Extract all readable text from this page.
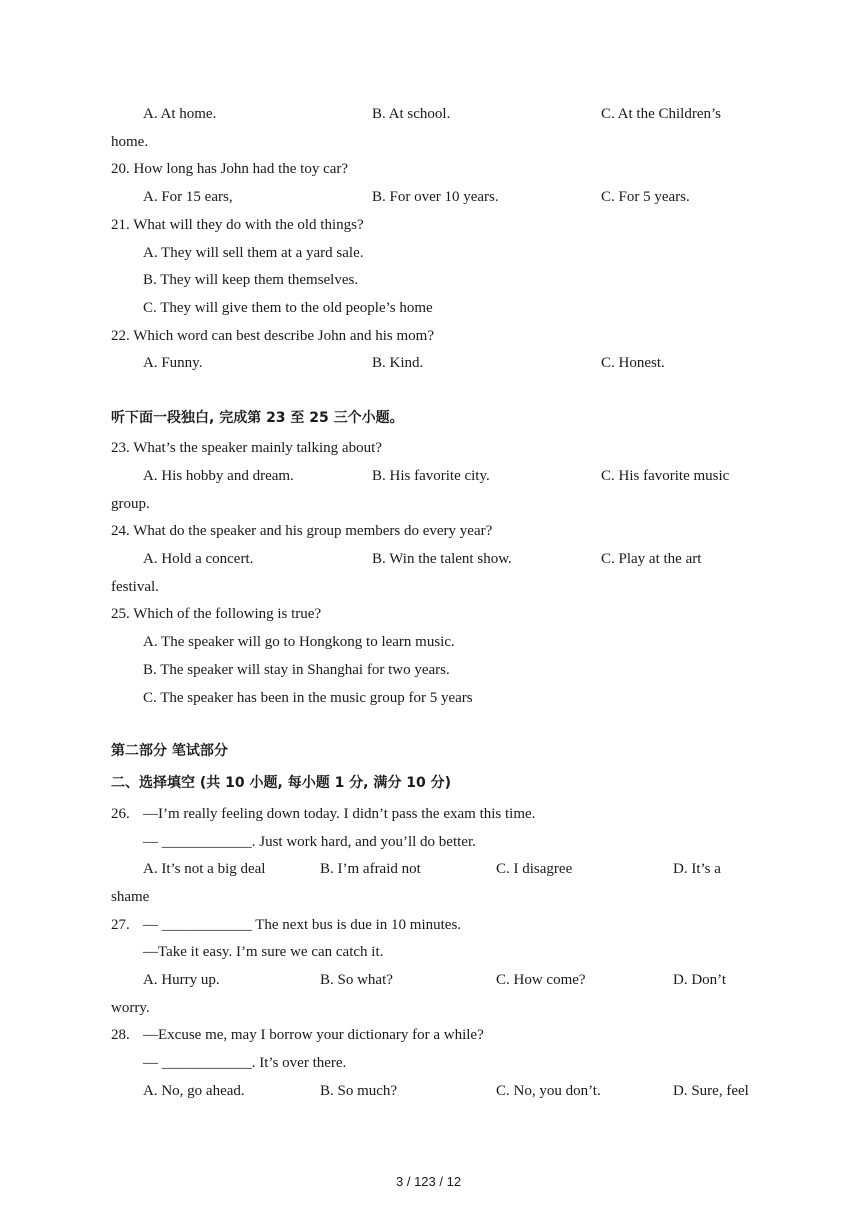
A. At home.	B. At school.	C. At the Children’s
home.
20. How long has John had the toy car?
A. For 15 ears,	B. For over 10 years.	C. For 5 years.
21. What will they do with the old things?
A. They will sell them at a yard sale.
B. They will keep them themselves.
C. They will give them to the old people’s home
22. Which word can best describe John and his mom?
A. Funny.	B. Kind.	C. Honest.
听下面一段独白, 完成第 23 至 25 三个小题。
23. What’s the speaker mainly talking about?
A. His hobby and dream.	B. His favorite city.	C. His favorite music
group.
24. What do the speaker and his group members do every year?
A. Hold a concert.	B. Win the talent show.	C. Play at the art
festival.
25. Which of the following is true?
A. The speaker will go to Hongkong to learn music.
B. The speaker will stay in Shanghai for two years.
C. The speaker has been in the music group for 5 years
第二部分 笔试部分
二、选择填空 (共 10 小题, 每小题 1 分, 满分 10 分)
26. —I’m really feeling down today. I didn’t pass the exam this time.
— ____________. Just work hard, and you’ll do better.
A. It’s not a big deal	B. I’m afraid not	C. I disagree	D. It’s a
shame
27. — ____________ The next bus is due in 10 minutes.
—Take it easy. I’m sure we can catch it.
A. Hurry up.	B. So what?	C. How come?	D. Don’t
worry.
28. —Excuse me, may I borrow your dictionary for a while?
— ____________. It’s over there.
A. No, go ahead.	B. So much?	C. No, you don’t.	D. Sure, feel
3 / 123 / 12
